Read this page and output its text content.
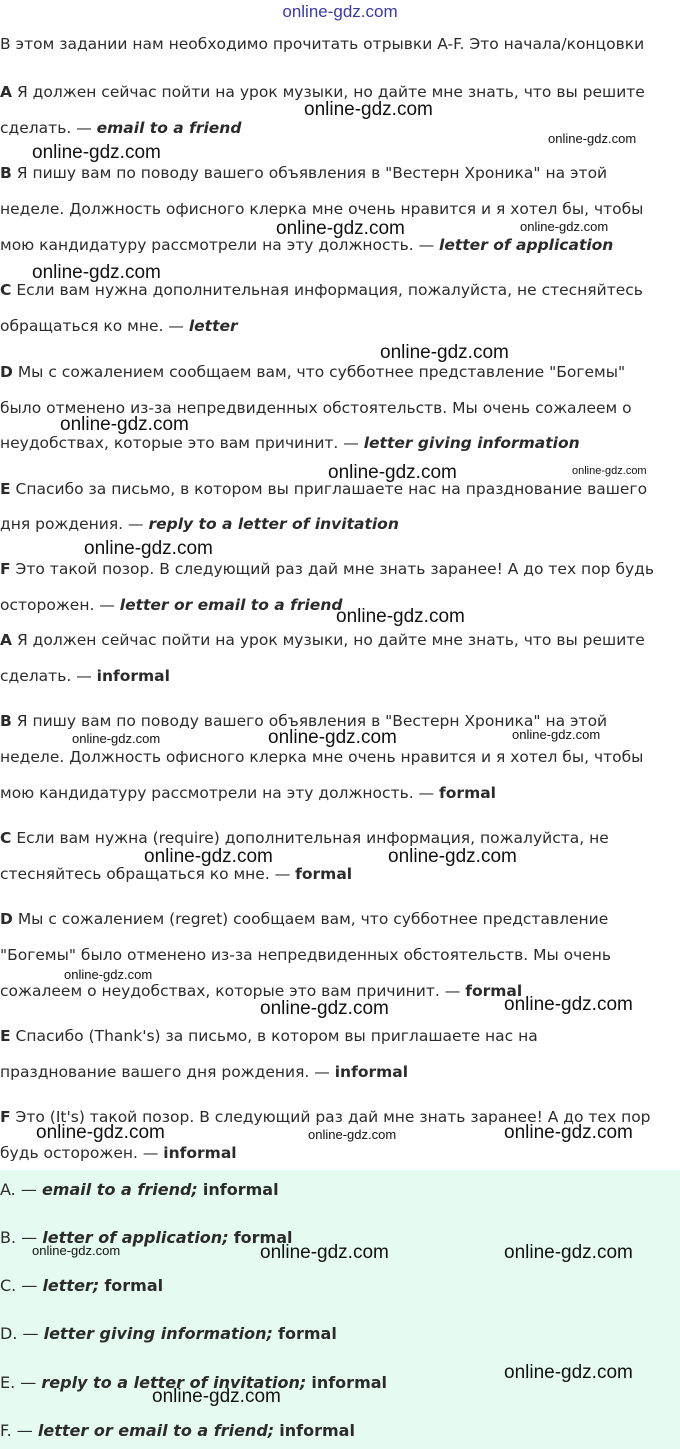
online-gdz.com
В этом задании нам необходимо прочитать отрывки A-F. Это начала/концовки
A Я должен сейчас пойти на урок музыки, но дайте мне знать, что вы решите
сделать. — email to a friend
B Я пишу вам по поводу вашего объявления в "Вестерн Хроника" на этой
неделе. Должность офисного клерка мне очень нравится и я хотел бы, чтобы
мою кандидатуру рассмотрели на эту должность. — letter of application
C Если вам нужна дополнительная информация, пожалуйста, не стесняйтесь
обращаться ко мне. — letter
D Мы с сожалением сообщаем вам, что субботнее представление "Богемы"
было отменено из-за непредвиденных обстоятельств. Мы очень сожалеем о
неудобствах, которые это вам причинит. — letter giving information
E Спасибо за письмо, в котором вы приглашаете нас на празднование вашего
дня рождения. — reply to a letter of invitation
F Это такой позор. В следующий раз дай мне знать заранее! А до тех пор будь
осторожен. — letter or email to a friend
A Я должен сейчас пойти на урок музыки, но дайте мне знать, что вы решите
сделать. — informal
B Я пишу вам по поводу вашего объявления в "Вестерн Хроника" на этой
неделе. Должность офисного клерка мне очень нравится и я хотел бы, чтобы
мою кандидатуру рассмотрели на эту должность. — formal
C Если вам нужна (require) дополнительная информация, пожалуйста, не
стесняйтесь обращаться ко мне. — formal
D Мы с сожалением (regret) сообщаем вам, что субботнее представление
"Богемы" было отменено из-за непредвиденных обстоятельств. Мы очень
сожалеем о неудобствах, которые это вам причинит. — formal
E Спасибо (Thank's) за письмо, в котором вы приглашаете нас на
празднование вашего дня рождения. — informal
F Это (It's) такой позор. В следующий раз дай мне знать заранее! А до тех пор
будь осторожен. — informal
A. — email to a friend; informal
B. — letter of application; formal
C. — letter; formal
D. — letter giving information; formal
E. — reply to a letter of invitation; informal
F. — letter or email to a friend; informal
online-gdz.com
online-gdz.com
online-gdz.com
online-gdz.com
online-gdz.com
online-gdz.com
online-gdz.com
online-gdz.com
online-gdz.com
online-gdz.com
online-gdz.com
online-gdz.com
online-gdz.com	online-gdz.com	online-gdz.com
online-gdz.com	online-gdz.com
online-gdz.com
online-gdz.com
online-gdz.com
online-gdz.com	online-gdz.com	online-gdz.com
online-gdz.com	online-gdz.com	online-gdz.com
online-gdz.com
online-gdz.com
